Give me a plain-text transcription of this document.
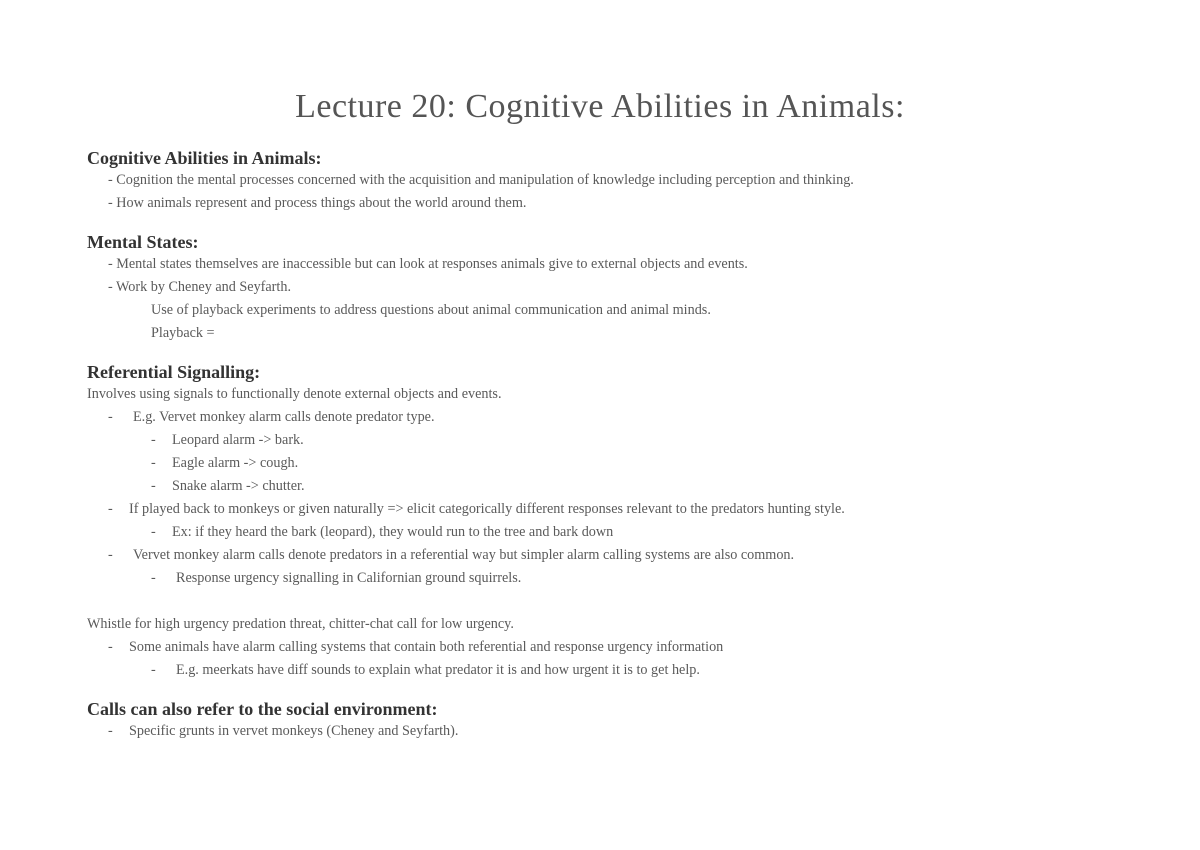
Lecture 20: Cognitive Abilities in Animals:
Cognitive Abilities in Animals:
- Cognition the mental processes concerned with the acquisition and manipulation of knowledge including perception and thinking.
- How animals represent and process things about the world around them.
Mental States:
- Mental states themselves are inaccessible but can look at responses animals give to external objects and events.
- Work by Cheney and Seyfarth.
Use of playback experiments to address questions about animal communication and animal minds.
Playback =
Referential Signalling:
Involves using signals to functionally denote external objects and events.
- E.g. Vervet monkey alarm calls denote predator type.
- Leopard alarm -> bark.
- Eagle alarm -> cough.
- Snake alarm -> chutter.
- If played back to monkeys or given naturally => elicit categorically different responses relevant to the predators hunting style.
- Ex: if they heard the bark (leopard), they would run to the tree and bark down
- Vervet monkey alarm calls denote predators in a referential way but simpler alarm calling systems are also common.
- Response urgency signalling in Californian ground squirrels.
Whistle for high urgency predation threat, chitter-chat call for low urgency.
- Some animals have alarm calling systems that contain both referential and response urgency information
- E.g. meerkats have diff sounds to explain what predator it is and how urgent it is to get help.
Calls can also refer to the social environment:
- Specific grunts in vervet monkeys (Cheney and Seyfarth).
